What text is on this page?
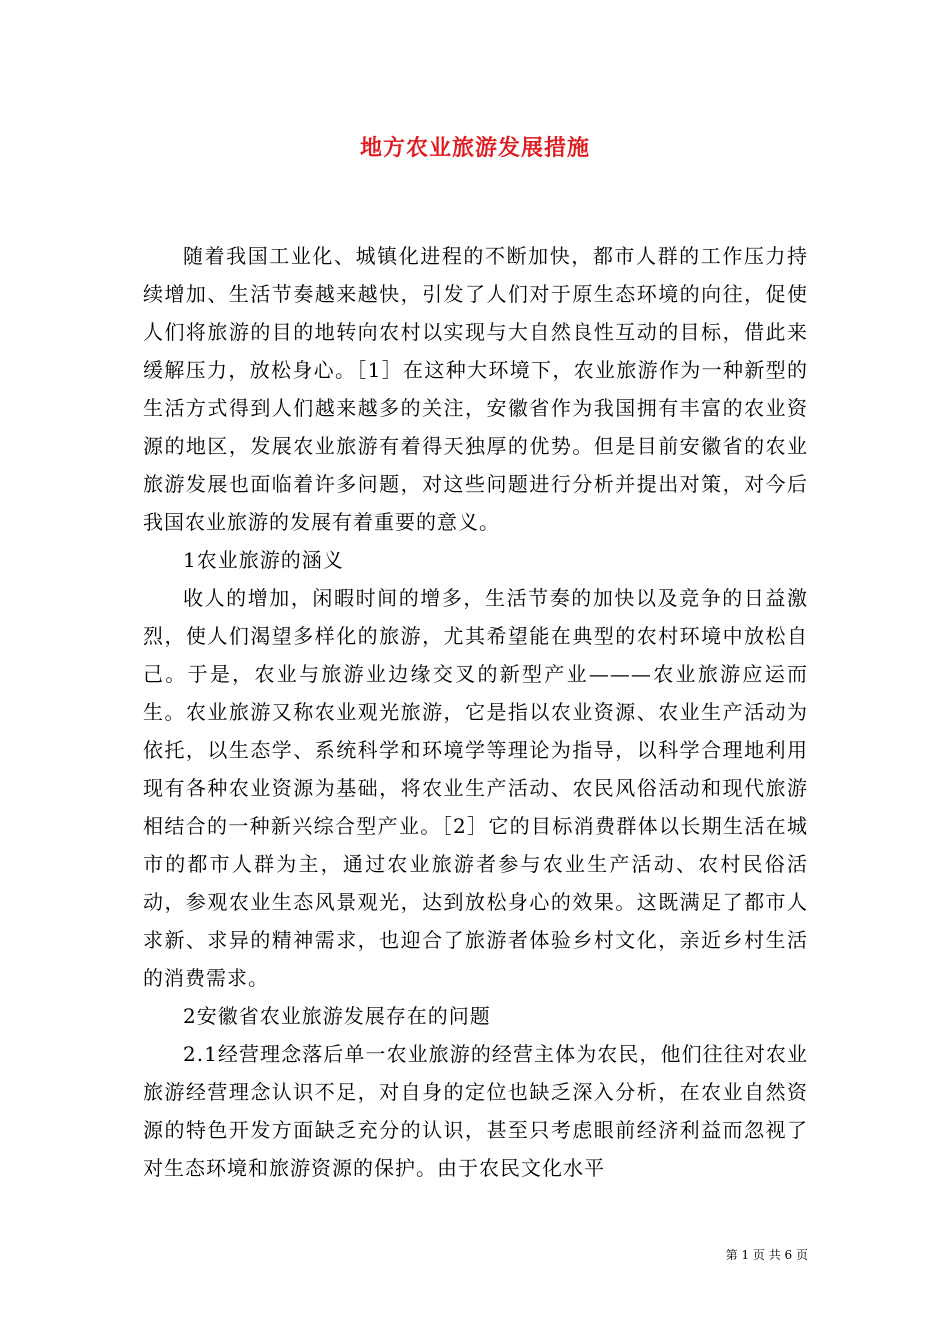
地方农业旅游发展措施

随着我国工业化、城镇化进程的不断加快，都市人群的工作压力持续增加、生活节奏越来越快，引发了人们对于原生态环境的向往，促使人们将旅游的目的地转向农村以实现与大自然良性互动的目标，借此来缓解压力，放松身心。［1］在这种大环境下，农业旅游作为一种新型的生活方式得到人们越来越多的关注，安徽省作为我国拥有丰富的农业资源的地区，发展农业旅游有着得天独厚的优势。但是目前安徽省的农业旅游发展也面临着许多问题，对这些问题进行分析并提出对策，对今后我国农业旅游的发展有着重要的意义。

1农业旅游的涵义

收人的增加，闲暇时间的增多，生活节奏的加快以及竞争的日益激烈，使人们渴望多样化的旅游，尤其希望能在典型的农村环境中放松自己。于是，农业与旅游业边缘交叉的新型产业———农业旅游应运而生。农业旅游又称农业观光旅游，它是指以农业资源、农业生产活动为依托，以生态学、系统科学和环境学等理论为指导，以科学合理地利用现有各种农业资源为基础，将农业生产活动、农民风俗活动和现代旅游相结合的一种新兴综合型产业。［2］它的目标消费群体以长期生活在城市的都市人群为主，通过农业旅游者参与农业生产活动、农村民俗活动，参观农业生态风景观光，达到放松身心的效果。这既满足了都市人求新、求异的精神需求，也迎合了旅游者体验乡村文化，亲近乡村生活的消费需求。

2安徽省农业旅游发展存在的问题

2.1经营理念落后单一农业旅游的经营主体为农民，他们往往对农业旅游经营理念认识不足，对自身的定位也缺乏深入分析，在农业自然资源的特色开发方面缺乏充分的认识，甚至只考虑眼前经济利益而忽视了对生态环境和旅游资源的保护。由于农民文化水平

第 1 页 共 6 页
